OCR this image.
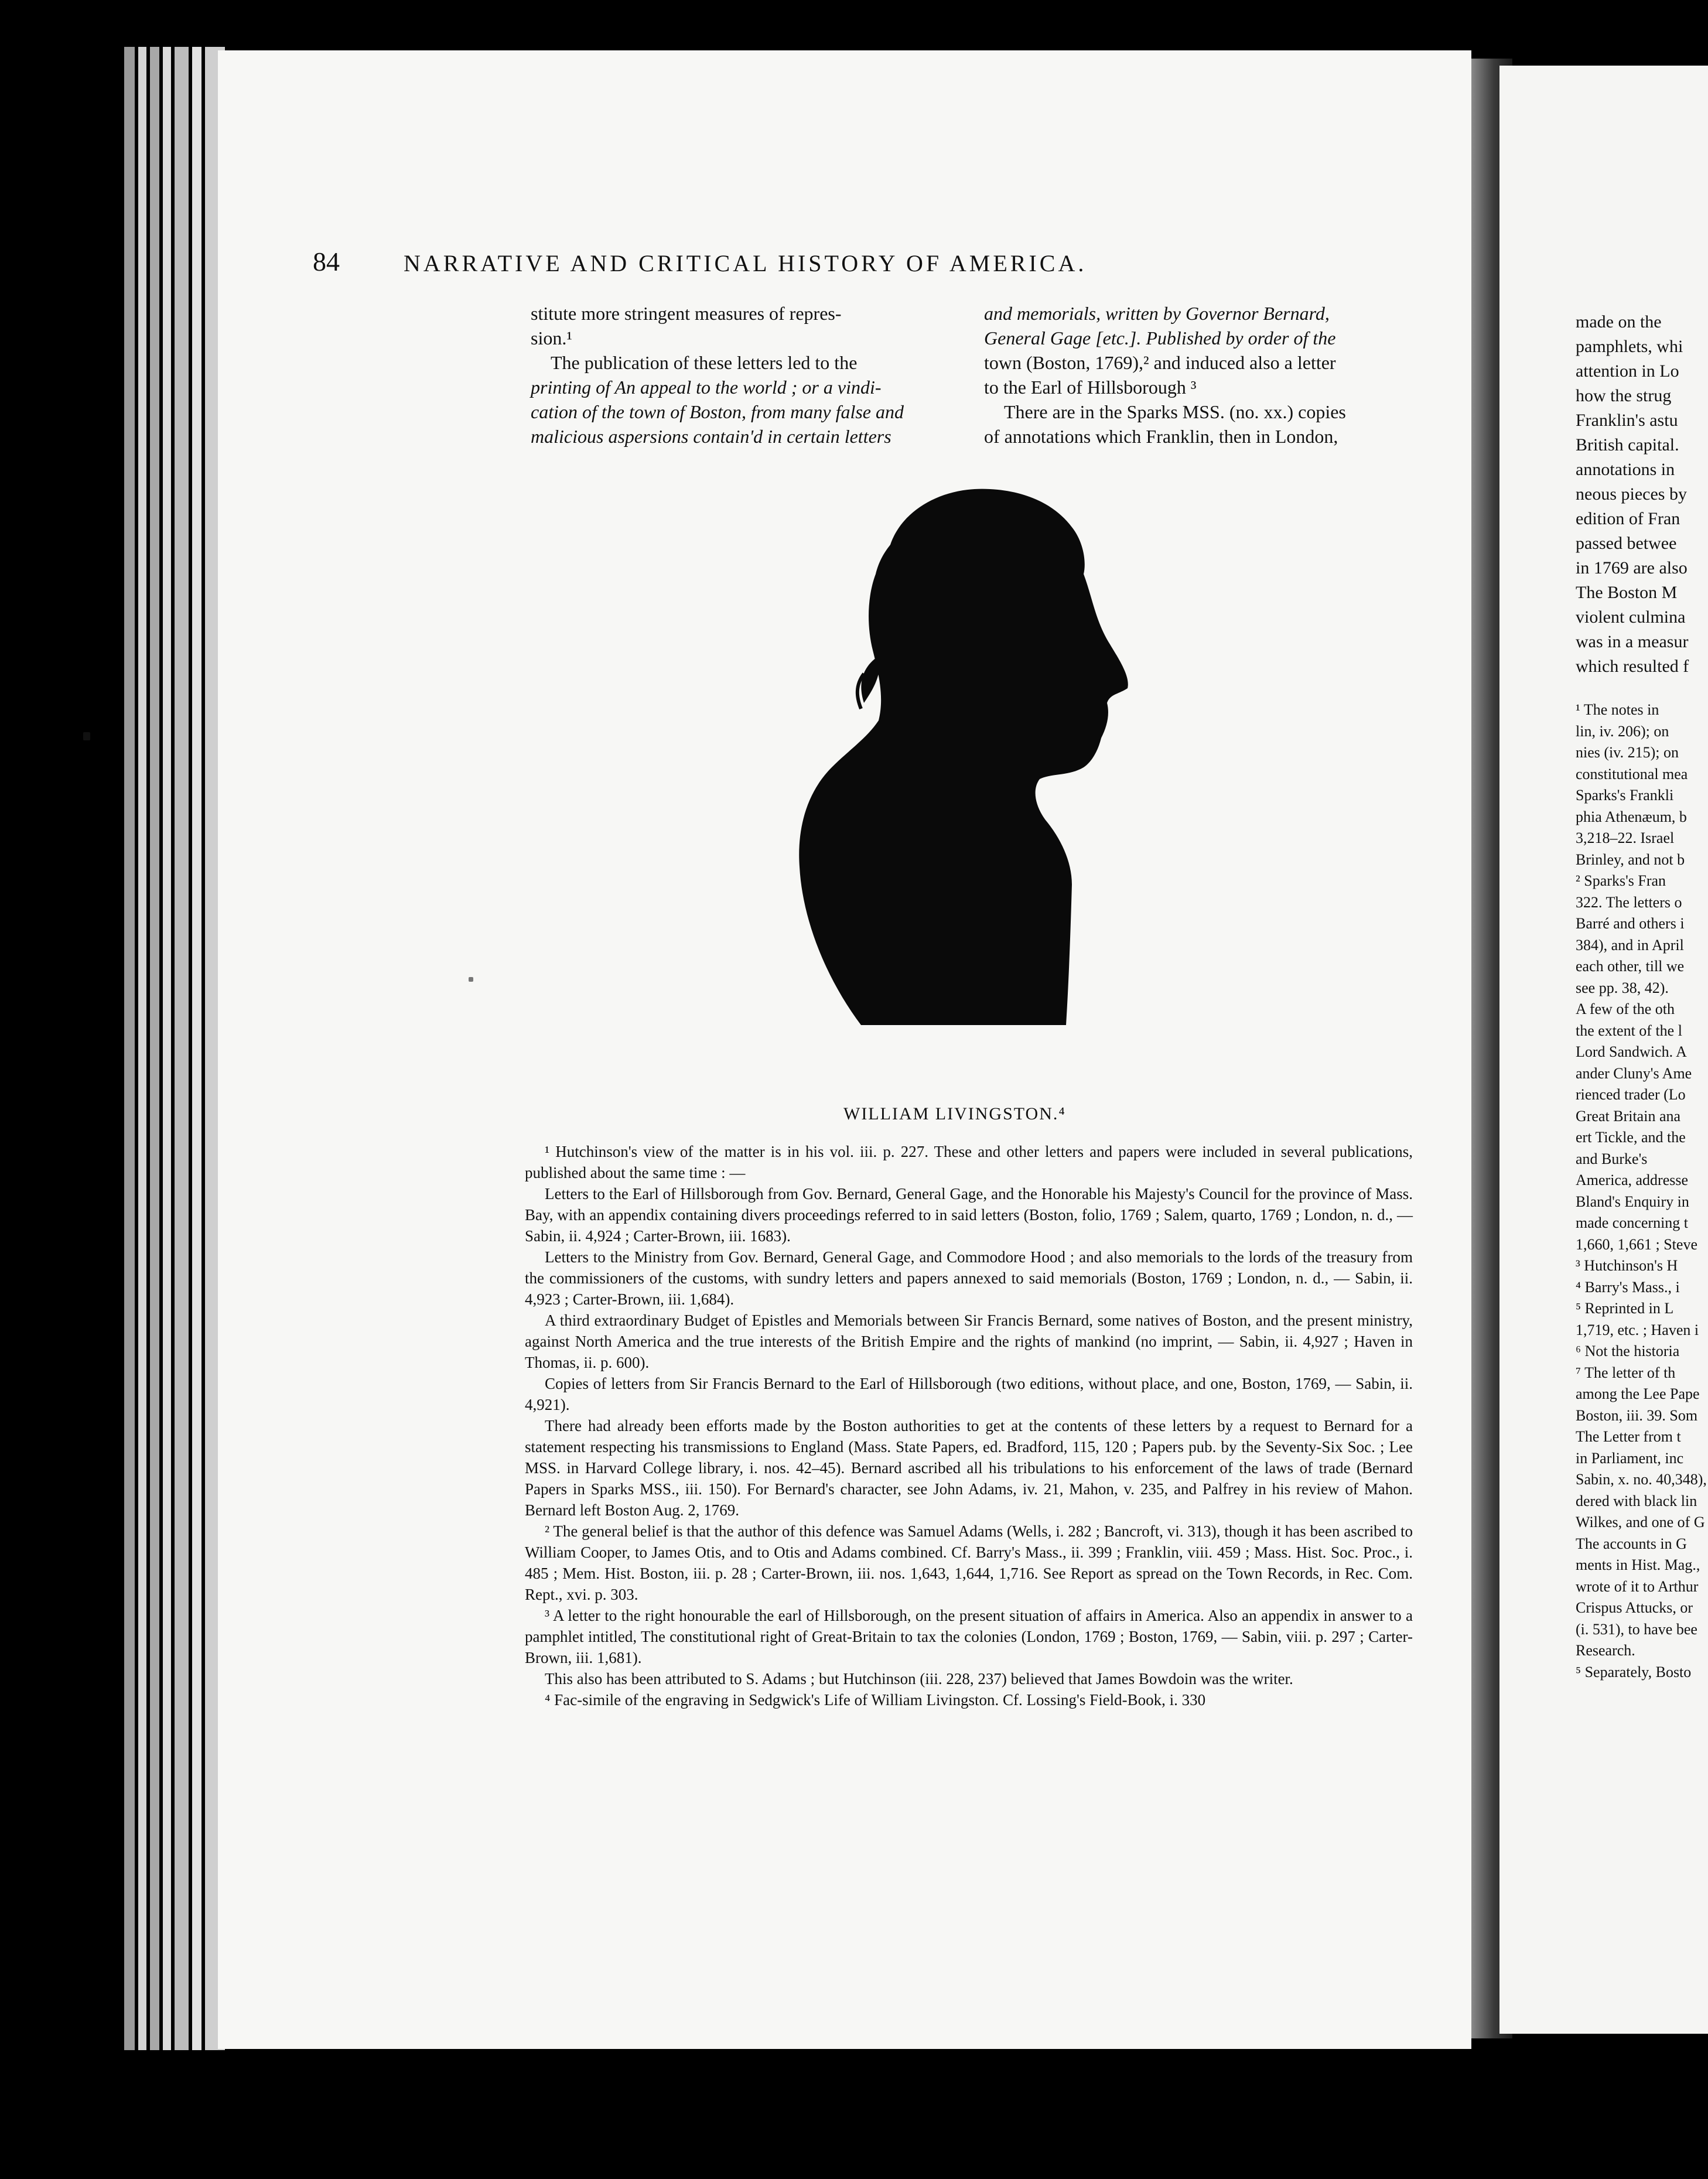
84	NARRATIVE AND CRITICAL HISTORY OF AMERICA.

stitute more stringent measures of repres-

sion.¹

The publication of these letters led to the

printing of An appeal to the world ; or a vindi-

cation of the town of Boston, from many false and

malicious aspersions contain'd in certain letters

and memorials, written by Governor Bernard,

General Gage [etc.]. Published by order of the

town (Boston, 1769),² and induced also a letter

to the Earl of Hillsborough ³

There are in the Sparks MSS. (no. xx.) copies

of annotations which Franklin, then in London,

WILLIAM LIVINGSTON.⁴

¹ Hutchinson's view of the matter is in his vol. iii. p. 227. These and other letters and papers were included in several publications, published about the same time : —

Letters to the Earl of Hillsborough from Gov. Bernard, General Gage, and the Honorable his Majesty's Council for the province of Mass. Bay, with an appendix containing divers proceedings referred to in said letters (Boston, folio, 1769 ; Salem, quarto, 1769 ; London, n. d., — Sabin, ii. 4,924 ; Carter-Brown, iii. 1683).

Letters to the Ministry from Gov. Bernard, General Gage, and Commodore Hood ; and also memorials to the lords of the treasury from the commissioners of the customs, with sundry letters and papers annexed to said memorials (Boston, 1769 ; London, n. d., — Sabin, ii. 4,923 ; Carter-Brown, iii. 1,684).

A third extraordinary Budget of Epistles and Memorials between Sir Francis Bernard, some natives of Boston, and the present ministry, against North America and the true interests of the British Empire and the rights of mankind (no imprint, — Sabin, ii. 4,927 ; Haven in Thomas, ii. p. 600).

Copies of letters from Sir Francis Bernard to the Earl of Hillsborough (two editions, without place, and one, Boston, 1769, — Sabin, ii. 4,921).

There had already been efforts made by the Boston authorities to get at the contents of these letters by a request to Bernard for a statement respecting his transmissions to England (Mass. State Papers, ed. Bradford, 115, 120 ; Papers pub. by the Seventy-Six Soc. ; Lee MSS. in Harvard College library, i. nos. 42–45). Bernard ascribed all his tribulations to his enforcement of the laws of trade (Bernard Papers in Sparks MSS., iii. 150). For Bernard's character, see John Adams, iv. 21, Mahon, v. 235, and Palfrey in his review of Mahon. Bernard left Boston Aug. 2, 1769.

² The general belief is that the author of this defence was Samuel Adams (Wells, i. 282 ; Bancroft, vi. 313), though it has been ascribed to William Cooper, to James Otis, and to Otis and Adams combined. Cf. Barry's Mass., ii. 399 ; Franklin, viii. 459 ; Mass. Hist. Soc. Proc., i. 485 ; Mem. Hist. Boston, iii. p. 28 ; Carter-Brown, iii. nos. 1,643, 1,644, 1,716. See Report as spread on the Town Records, in Rec. Com. Rept., xvi. p. 303.

³ A letter to the right honourable the earl of Hillsborough, on the present situation of affairs in America. Also an appendix in answer to a pamphlet intitled, The constitutional right of Great-Britain to tax the colonies (London, 1769 ; Boston, 1769, — Sabin, viii. p. 297 ; Carter-Brown, iii. 1,681).

This also has been attributed to S. Adams ; but Hutchinson (iii. 228, 237) believed that James Bowdoin was the writer.

⁴ Fac-simile of the engraving in Sedgwick's Life of William Livingston. Cf. Lossing's Field-Book, i. 330

made on the
pamphlets, whi
attention in Lo
how the strug
Franklin's astu
British capital.
annotations in
neous pieces by
edition of Fran
passed betwee
in 1769 are also
The Boston M
violent culmina
was in a measur
which resulted f
¹ The notes in
lin, iv. 206); on
nies (iv. 215); on
constitutional mea
Sparks's Frankli
phia Athenæum, b
3,218–22. Israel
Brinley, and not b
² Sparks's Fran
322. The letters o
Barré and others i
384), and in April
each other, till we
see pp. 38, 42).
A few of the oth
the extent of the l
Lord Sandwich. A
ander Cluny's Ame
rienced trader (Lo
Great Britain ana
ert Tickle, and the
and Burke's
America, addresse
Bland's Enquiry in
made concerning t
1,660, 1,661 ; Steve
³ Hutchinson's H
⁴ Barry's Mass., i
⁵ Reprinted in L
1,719, etc. ; Haven i
⁶ Not the historia
⁷ The letter of th
among the Lee Pape
Boston, iii. 39. Som
The Letter from t
in Parliament, inc
Sabin, x. no. 40,348),
dered with black lin
Wilkes, and one of G
The accounts in G
ments in Hist. Mag.,
wrote of it to Arthur
Crispus Attucks, or
(i. 531), to have bee
Research.
⁵ Separately, Bosto
